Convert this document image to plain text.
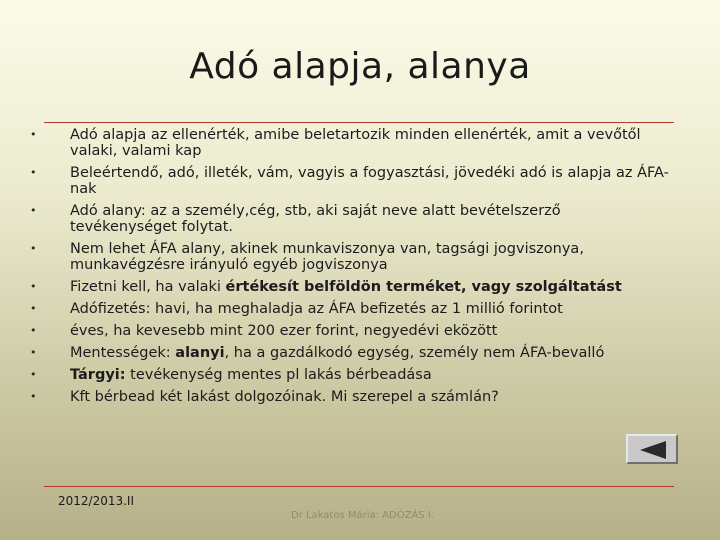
Adó alapja, alanya
• Adó alapja az ellenérték, amibe beletartozik minden ellenérték, amit a vevőtől valaki, valami kap
• Beleértendő, adó, illeték, vám, vagyis a fogyasztási, jövedéki adó is alapja az ÁFA-nak
• Adó alany: az a személy,cég, stb, aki saját neve alatt bevételszerző tevékenységet folytat.
• Nem lehet ÁFA alany, akinek munkaviszonya van, tagsági jogviszonya, munkavégzésre irányuló egyéb jogviszonya
• Fizetni kell, ha valaki értékesít belföldön terméket, vagy szolgáltatást
• Adófizetés: havi, ha meghaladja az ÁFA befizetés az 1 millió forintot
• éves, ha kevesebb mint 200 ezer forint, negyedévi eközött
• Mentességek: alanyi, ha a gazdálkodó egység, személy nem ÁFA-bevalló
• Tárgyi: tevékenység mentes pl lakás bérbeadása
• Kft bérbead két lakást dolgozóinak. Mi szerepel a számlán?
2012/2013.II
Dr Lakatos Mária: ADÓZÁS I.
